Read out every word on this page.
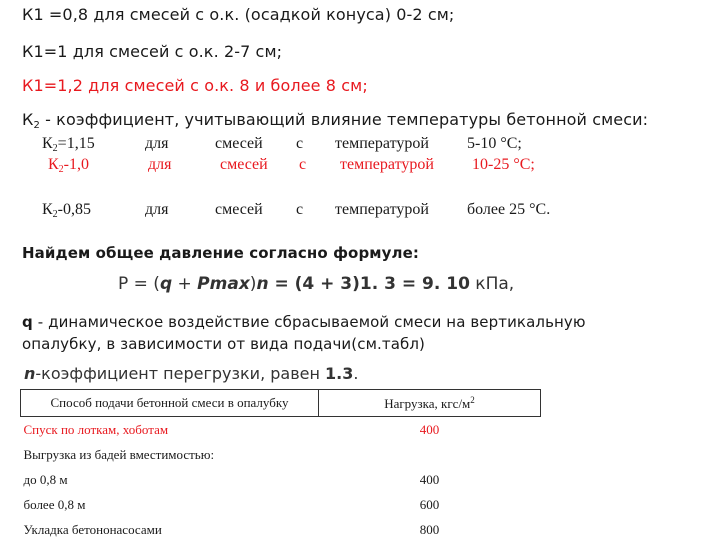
К1 =0,8 для смесей с о.к. (осадкой конуса) 0-2 см;
К1=1 для смесей с о.к. 2-7 см;
К1=1,2 для смесей с о.к. 8 и более 8 см;
$К_2$ - коэффициент, учитывающий влияние температуры бетонной смеси:
$К_2=1,15$	для	смесей с температурой 5-10 °С;
$К_2-1,0$	для	смесей с температурой 10-25 °С;
$К_2-0,85$	для	смесей с температурой более 25 °С.
Найдем общее давление согласно формуле:
P = (q + Pmax)n = (4 + 3)1. 3 = 9. 10 кПа,
q - динамическое воздействие сбрасываемой смеси на вертикальную
опалубку, в зависимости от вида подачи(см.табл)
n-коэффициент перегрузки, равен 1.3.
Способ подачи бетонной смеси в опалубку	Нагрузка, кгс/$м^2$
Спуск по лоткам, хоботам	400
Выгрузка из бадей вместимостью:	
до 0,8 м	400
более 0,8 м	600
Укладка бетононасосами	800
